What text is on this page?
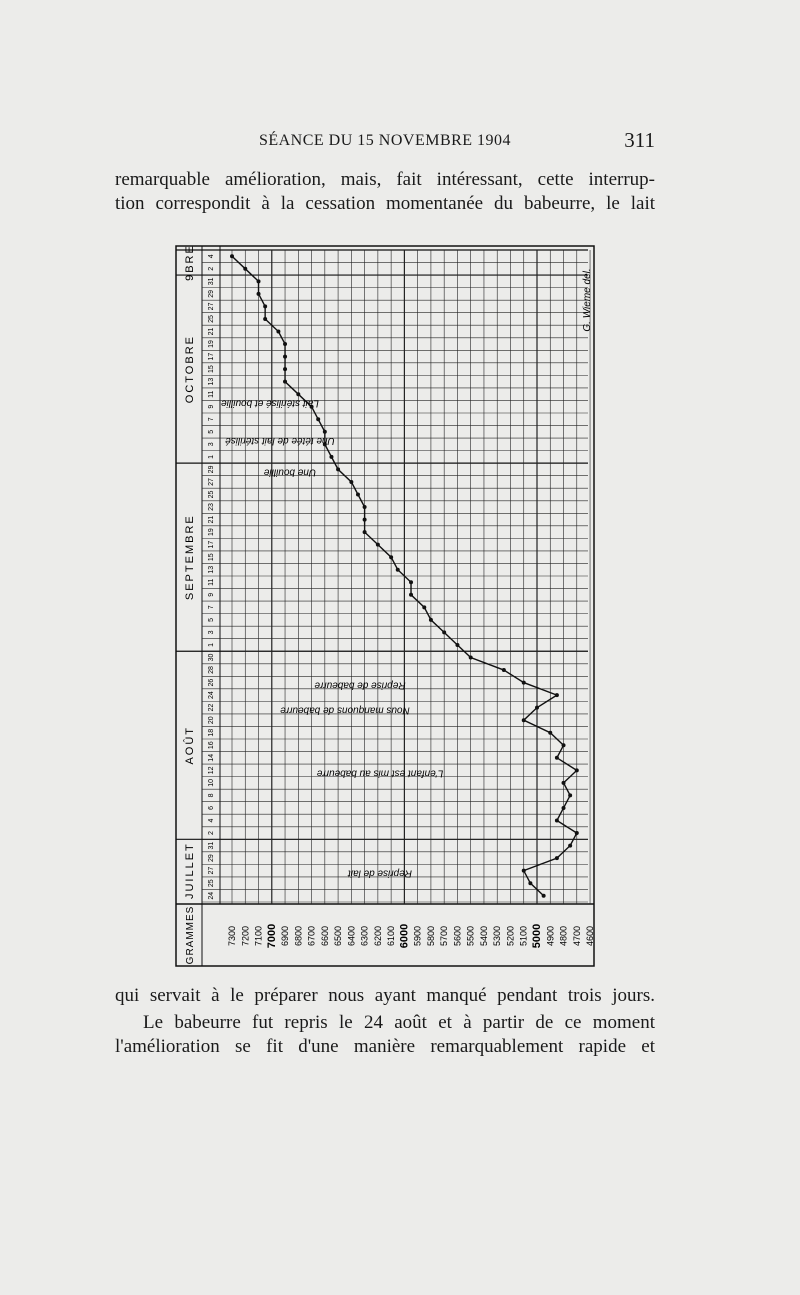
SÉANCE DU 15 NOVEMBRE 1904	311
remarquable amélioration, mais, fait intéressant, cette interrup-
tion correspondit à la cessation momentanée du babeurre, le lait
24
25
27
29
31
2
4
6
8
10
12
14
16
18
20
22
24
26
28
30
1
3
5
7
9
11
13
15
17
19
21
23
25
27
29
1
3
5
7
9
11
13
15
17
19
21
25
27
29
31
2
4
JUILLET
AOÛT
SEPTEMBRE
OCTOBRE
9BRE
7300 7200 7100 7000 6900 6800 6700 6600 6500 6400 6300 6200 6100 6000 5900 5800 5700 5600 5500 5400 5300 5200 5100 5000 4900 4800 4700 4600
GRAMMES
Reprise de lait
L'enfant est mis au babeurre
Nous manquons de babeurre
Reprise de babeurre
Une bouillie
Une tétée de lait stérilisé
Lait stérilisé et bouillie
G. Wieme del.
qui servait à le préparer nous ayant manqué pendant trois jours.
Le babeurre fut repris le 24 août et à partir de ce moment
l'amélioration se fit d'une manière remarquablement rapide et
